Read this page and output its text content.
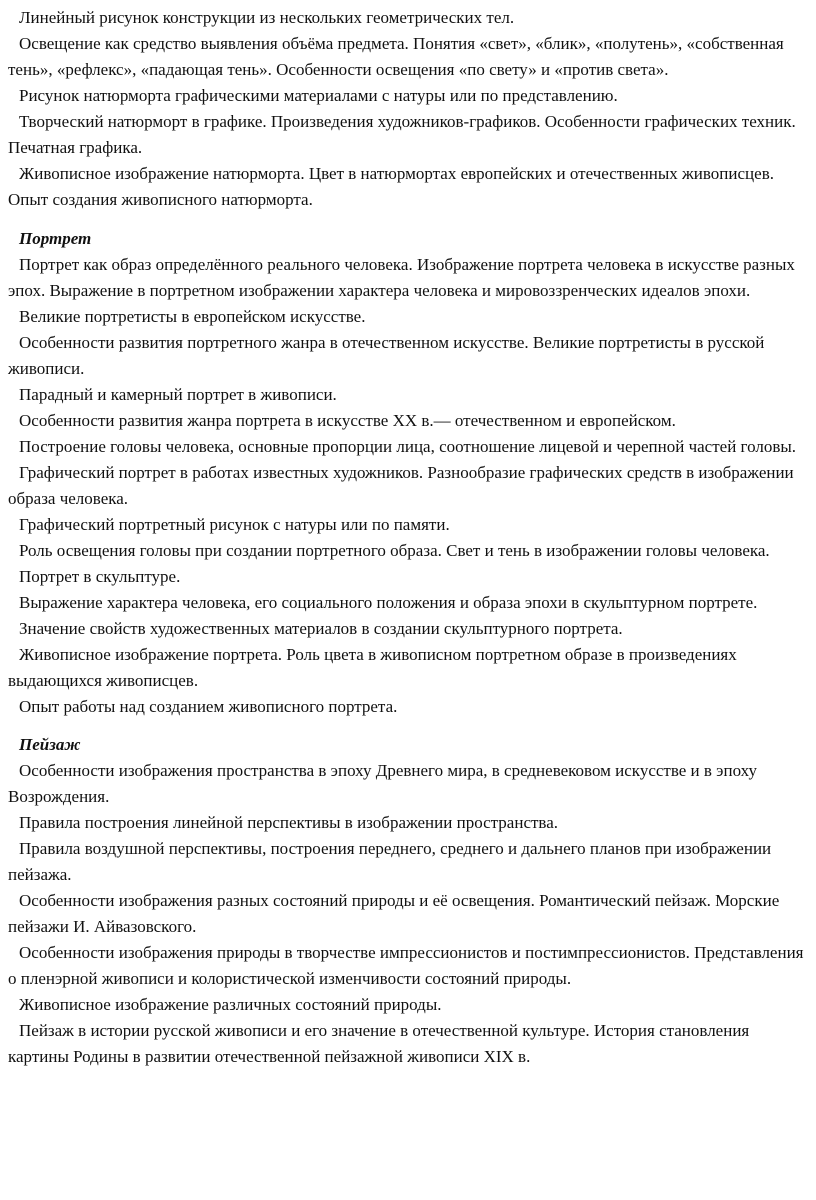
Линейный рисунок конструкции из нескольких геометрических тел.

Освещение как средство выявления объёма предмета. Понятия «свет», «блик», «полутень», «собственная тень», «рефлекс», «падающая тень». Особенности освещения «по свету» и «против света».

Рисунок натюрморта графическими материалами с натуры или по представлению.

Творческий натюрморт в графике. Произведения художников-графиков. Особенности графических техник. Печатная графика.

Живописное изображение натюрморта. Цвет в натюрмортах европейских и отечественных живописцев. Опыт создания живописного натюрморта.

Портрет

Портрет как образ определённого реального человека. Изображение портрета человека в искусстве разных эпох. Выражение в портретном изображении характера человека и мировоззренческих идеалов эпохи.

Великие портретисты в европейском искусстве.

Особенности развития портретного жанра в отечественном искусстве. Великие портретисты в русской живописи.

Парадный и камерный портрет в живописи.

Особенности развития жанра портрета в искусстве XX в.— отечественном и европейском.

Построение головы человека, основные пропорции лица, соотношение лицевой и черепной частей головы.

Графический портрет в работах известных художников. Разнообразие графических средств в изображении образа человека.

Графический портретный рисунок с натуры или по памяти.

Роль освещения головы при создании портретного образа. Свет и тень в изображении головы человека.

Портрет в скульптуре.

Выражение характера человека, его социального положения и образа эпохи в скульптурном портрете.

Значение свойств художественных материалов в создании скульптурного портрета.

Живописное изображение портрета. Роль цвета в живописном портретном образе в произведениях выдающихся живописцев.

Опыт работы над созданием живописного портрета.

Пейзаж

Особенности изображения пространства в эпоху Древнего мира, в средневековом искусстве и в эпоху Возрождения.

Правила построения линейной перспективы в изображении пространства.

Правила воздушной перспективы, построения переднего, среднего и дальнего планов при изображении пейзажа.

Особенности изображения разных состояний природы и её освещения. Романтический пейзаж. Морские пейзажи И. Айвазовского.

Особенности изображения природы в творчестве импрессионистов и постимпрессионистов. Представления о пленэрной живописи и колористической изменчивости состояний природы.

Живописное изображение различных состояний природы.

Пейзаж в истории русской живописи и его значение в отечественной культуре. История становления картины Родины в развитии отечественной пейзажной живописи XIX в.
